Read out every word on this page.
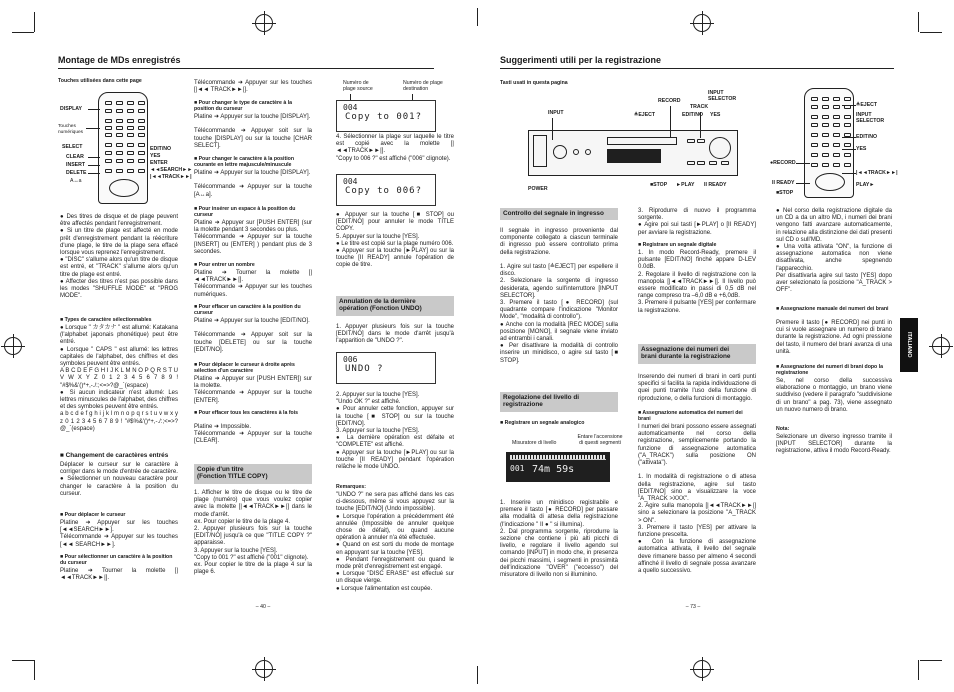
Montage de MDs enregistrés
Touches utilisées dans cette page
DISPLAY
Touches
numériques
SELECT
CLEAR
INSERT
DELETE
A↔a
EDIT/NO
YES
ENTER
◄◄SEARCH►►
|◄◄TRACK►►|
● Des titres de disque et de plage peuvent être affectés pendant l'enregistrement.
● Si un titre de plage est affecté en mode prêt d'enregistrement pendant la réécriture d'une plage, le titre de la plage sera effacé lorsque vous reprenez l'enregistrement.
● "DISC" s'allume alors qu'un titre de disque est entré, et "TRACK" s'allume alors qu'un titre de plage est entré.
● Affecter des titres n'est pas possible dans les modes "SHUFFLE MODE" et "PROG MODE".
■ Types de caractère sélectionnables
● Lorsque " カタカナ " est allumé: Katakana (l'alphabet japonais phonétique) peut être entré.
● Lorsque " CAPS " est allumé: les lettres capitales de l'alphabet, des chiffres et des symboles peuvent être entrés.
A B C D E F G H I J K L M N O P Q R S T U V W X Y Z 0 1 2 3 4 5 6 7 8 9 ! "#$%&'()*+,-./:;<=>?@_`(espace)
● Si aucun indicateur n'est allumé: Les lettres minuscules de l'alphabet, des chiffres et des symboles peuvent être entrés.
a b c d e f g h i j k l m n o p q r s t u v w x y z 0 1 2 3 4 5 6 7 8 9 ! "#$%&'()*+,-./:;<=>?@_`(espace)
■ Changement de caractères entrés
Déplacer le curseur sur le caractère à corriger dans le mode d'entrée de caractère.
● Sélectionner un nouveau caractère pour changer le caractère à la position du curseur.
■ Pour déplacer le curseur
Platine ➜ Appuyer sur les touches [◄◄SEARCH►►].
Télécommande ➜ Appuyer sur les touches [◄◄ SEARCH►►].
■ Pour sélectionner un caractère à la position du curseur
Platine ➜ Tourner la molette [|◄◄TRACK►►|].
Télécommande ➜ Appuyer sur les touches [|◄◄ TRACK►►|].
■ Pour changer le type de caractère à la position du curseur
Platine ➜ Appuyer sur la touche [DISPLAY].

Télécommande ➜ Appuyer soit sur la touche [DISPLAY] ou sur la touche [CHAR SELECT].
■ Pour changer le caractère à la position courante en lettre majuscule/minuscule
Platine ➜ Appuyer sur la touche [DISPLAY].

Télécommande ➜ Appuyer sur la touche [A↔a].
■ Pour insérer un espace à la position du curseur
Platine ➜ Appuyer sur [PUSH ENTER] (sur la molette pendant 3 secondes ou plus.
Télécommande ➜ Appuyer sur la touche [INSERT] ou [ENTER] ) pendant plus de 3 secondes.
■ Pour entrer un nombre
Platine ➜ Tourner la molette [|◄◄TRACK►►|].
Télécommande ➜ Appuyer sur les touches numériques.
■ Pour effacer un caractère à la position du curseur
Platine ➜ Appuyer sur la touche [EDIT/NO].

Télécommande ➜ Appuyer soit sur la touche [DELETE] ou sur la touche [EDIT/NO].
■ Pour déplacer le curseur à droite après sélection d'un caractère
Platine ➜ Appuyer sur [PUSH ENTER]) sur la molette.
Télécommande ➜ Appuyer sur la touche [ENTER].
■ Pour effacer tous les caractères à la fois
Platine ➜ Impossible.
Télécommande ➜ Appuyer sur la touche [CLEAR].
Copie d'un titre
(Fonction TITLE COPY)
1. Afficher le titre de disque ou le titre de plage (numéro) que vous voulez copier avec la molette [|◄◄TRACK►►|] dans le mode d'arrêt.
ex. Pour copier le titre de la plage 4.
2. Appuyer plusieurs fois sur la touche [EDIT/NO] jusqu'à ce que "TITLE COPY ?" apparaisse.
3. Appuyer sur la touche [YES].
"Copy to 001 ?" est affiché ("001" clignote).
ex. Pour copier le titre de la plage 4 sur la plage 6.
Numéro de
plage source
Numéro de plage
destination
004
Copy to 001?
4. Sélectionner la plage sur laquelle le titre est copié avec la molette [|◄◄TRACK►►|].
"Copy to 006 ?" est affiché ("006" clignote).
004
Copy to 006?
● Appuyer sur la touche [■ STOP] ou [EDIT/NO] pour annuler le mode TITLE COPY.
5. Appuyer sur la touche [YES].
● Le titre est copié sur la plage numéro 006.
● Appuyer sur la touche [►PLAY] ou sur la touche [II READY] annule l'opération de copie de titre.
Annulation de la dernière
opération (Fonction UNDO)
1. Appuyer plusieurs fois sur la touche [EDIT/NO] dans le mode d'arrêt jusqu'à l'apparition de "UNDO ?".
006
UNDO ?
2. Appuyer sur la touche [YES].
"Undo OK ?" est affiché.
● Pour annuler cette fonction, appuyer sur la touche [■ STOP] ou sur la touche [EDIT/NO].
3. Appuyer sur la touche [YES].
● La dernière opération est défaite et "COMPLETE" est affiché.
● Appuyer sur la touche [►PLAY] ou sur la touche [II READY] pendant l'opération relâche le mode UNDO.
Remarques:
"UNDO ?" ne sera pas affiché dans les cas ci-dessous, même si vous appuyez sur la touche [EDIT/NO] (Undo impossible).
● Lorsque l'opération a précédemment été annulée (Impossible de annuler quelque chose de défait), ou quand aucune opération à annuler n'a été effectuée.
● Quand on est sorti du mode de montage en appuyant sur la touche [YES].
● Pendant l'enregistrement ou quand le mode prêt d'enregistrement est engagé.
● Lorsque "DISC ERASE" est effectué sur un disque vierge.
● Lorsque l'alimentation est coupée.
– 40 –
Suggerimenti utili per la registrazione
Tasti usati in questa pagina
INPUT
RECORD
INPUT
SELECTOR
TRACK
≜EJECT	EDIT/NO YES
POWER
■STOP ►PLAY II READY
≜EJECT
INPUT
SELECTOR
EDIT/NO
YES
●RECORD
II READY
■STOP
|◄◄TRACK►►|
PLAY►
Controllo del segnale in ingresso
Il segnale in ingresso proveniente dal componente collegato a ciascun terminale di ingresso può essere controllato prima della registrazione.

1. Agire sul tasto [≜EJECT] per espellere il disco.
2. Selezionare la sorgente di ingresso desiderata, agendo sull'interruttore [INPUT SELECTOR].
3. Premere il tasto [● RECORD] (sul quadrante compare l'indicazione "Monitor Mode", "modalità di controllo").
● Anche con la modalità [REC MODE] sulla posizione [MONO], il segnale viene inviato ad entrambi i canali.
● Per disattivare la modalità di controllo inserire un minidisco, o agire sul tasto [■ STOP].
Regolazione del livello di
registrazione
■ Registrare un segnale analogico
Misuratore di livello
Entare l'accensione
di questi segmenti
001 74m 59s
1. Inserire un minidisco registrabile e premere il tasto [● RECORD] per passare alla modalità di attesa della registrazione (l'indicazione " II ● " si illumina).
2. Dal programma sorgente, riprodurre la sezione che contiene i più alti picchi di livello, e regolare il livello agendo sul comando [INPUT] in modo che, in presenza dei picchi massimi, i segmenti in prossimità dell'indicazione "OVER" ("eccesso") del misuratore di livello non si illuminino.
3. Riprodurre di nuovo il programma sorgente.
● Agire poi sui tasti [►PLAY] o [II READY] per avviare la registrazione.
■ Registrare un segnale digitale
1. In modo Record-Ready, premere il pulsante [EDIT/NO] finché appare D-LEV 0.0dB.
2. Regolare il livello di registrazione con la manopola [|◄◄TRACK►►|]. Il livello può essere modificato in passi di 0,5 dB nel range compreso tra –6,0 dB e +6,0dB.
3. Premere il pulsante [YES] per confermare la registrazione.
Assegnazione dei numeri dei
brani durante la registrazione
Inserendo dei numeri di brani in certi punti specifici si facilita la rapida individuazione di quei punti tramite l'uso della funzione di riproduzione, o della funzioni di montaggio.
■ Assegnazione automatica dei numeri dei brani
I numeri dei brani possono essere assegnati automaticamente nel corso della registrazione, semplicemente portando la funzione di assegnazione automatica ("A_TRACK") sulla posizione ON ("attivata").

1. In modalità di registrazione o di attesa della registrazione, agire sul tasto [EDIT/NO] sino a visualizzare la voce "A_TRACK >XXX".
2. Agire sulla manopola [|◄◄TRACK►►|] sino a selezionare la posizione "A_TRACK > ON".
3. Premere il tasto [YES] per attivare la funzione prescelta.
● Con la funzione di assegnazione automatica attivata, il livello del segnale deve rimanere basso per almeno 4 secondi affinché il livello di segnale possa avanzare a quello successivo.
● Nel corso della registrazione digitale da un CD a da un altro MD, i numeri dei brani vengono fatti avanzare automaticamente, in relazione alla distinzione dei dati presenti sul CD o sull'MD.
● Una volta attivata "ON", la funzione di assegnazione automatica non viene disattivata, anche spegnendo l'apparecchio.
Per disattivarla agire sul tasto [YES] dopo aver selezionato la posizione "A_TRACK > OFF".
■ Assegnazione manuale dei numeri dei brani
Premere il tasto [● RECORD] nei punti in cui si vuole assegnare un numero di brano durante la registrazione. Ad ogni pressione del tasto, il numero del brani avanza di una unità.
■ Assegnazione dei numeri di brani dopo la registrazione
Se, nel corso della successiva elaborazione o montaggio, un brano viene suddiviso (vedere il paragrafo "suddivisione di un brano" a pag. 73), viene assegnato un nuovo numero di brano.
Nota:
Selezionare un diverso ingresso tramite il [INPUT SELECTOR] durante la registrazione, attiva il modo Record-Ready.
ITALIANO
– 73 –
